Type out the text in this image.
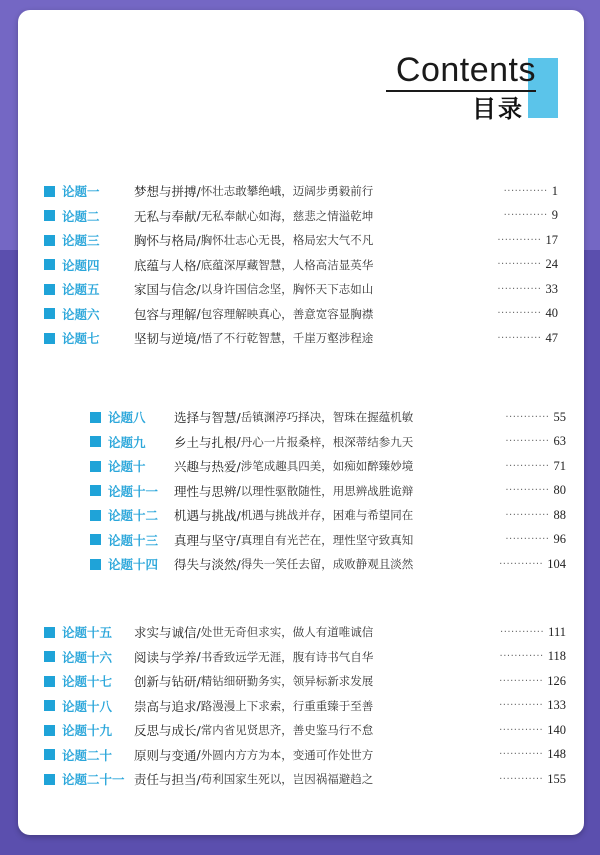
Contents
目录
论题一	梦想与拼搏 / 怀壮志敢攀绝峨，迈阔步勇毅前行	············ 1
论题二	无私与奉献 / 无私奉献心如海，慈悲之情溢乾坤	············ 9
论题三	胸怀与格局 / 胸怀壮志心无畏，格局宏大气不凡	············ 17
论题四	底蕴与人格 / 底蕴深厚藏智慧，人格高洁显英华	············ 24
论题五	家国与信念 / 以身许国信念坚，胸怀天下志如山	············ 33
论题六	包容与理解 / 包容理解映真心，善意宽容显胸襟	············ 40
论题七	坚韧与逆境 / 悟了不行乾智慧，千崖万壑涉程途	············ 47
论题八	选择与智慧 / 岳镇渊渟巧择决，智珠在握蕴机敏	············ 55
论题九	乡土与扎根 / 丹心一片报桑梓，根深蒂结参九天	············ 63
论题十	兴趣与热爱 / 涉笔成趣具四美，如痴如醉臻妙境	············ 71
论题十一	理性与思辨 / 以理性驱散随性，用思辨战胜诡辩	············ 80
论题十二	机遇与挑战 / 机遇与挑战并存，困难与希望同在	············ 88
论题十三	真理与坚守 / 真理自有光芒在，理性坚守致真知	············ 96
论题十四	得失与淡然 / 得失一笑任去留，成败静观且淡然	············ 104
论题十五	求实与诚信 / 处世无奇但求实，做人有道唯诚信	············ 111
论题十六	阅读与学养 / 书香致远学无涯，腹有诗书气自华	············ 118
论题十七	创新与钻研 / 精钻细研勤务实，领异标新求发展	············ 126
论题十八	崇高与追求 / 路漫漫上下求索，行重重臻于至善	············ 133
论题十九	反思与成长 / 常内省见贤思齐，善史鉴马行不怠	············ 140
论题二十	原则与变通 / 外圆内方方为本，变通可作处世方	············ 148
论题二十一 责任与担当 / 苟利国家生死以，岂因祸福避趋之	············ 155
